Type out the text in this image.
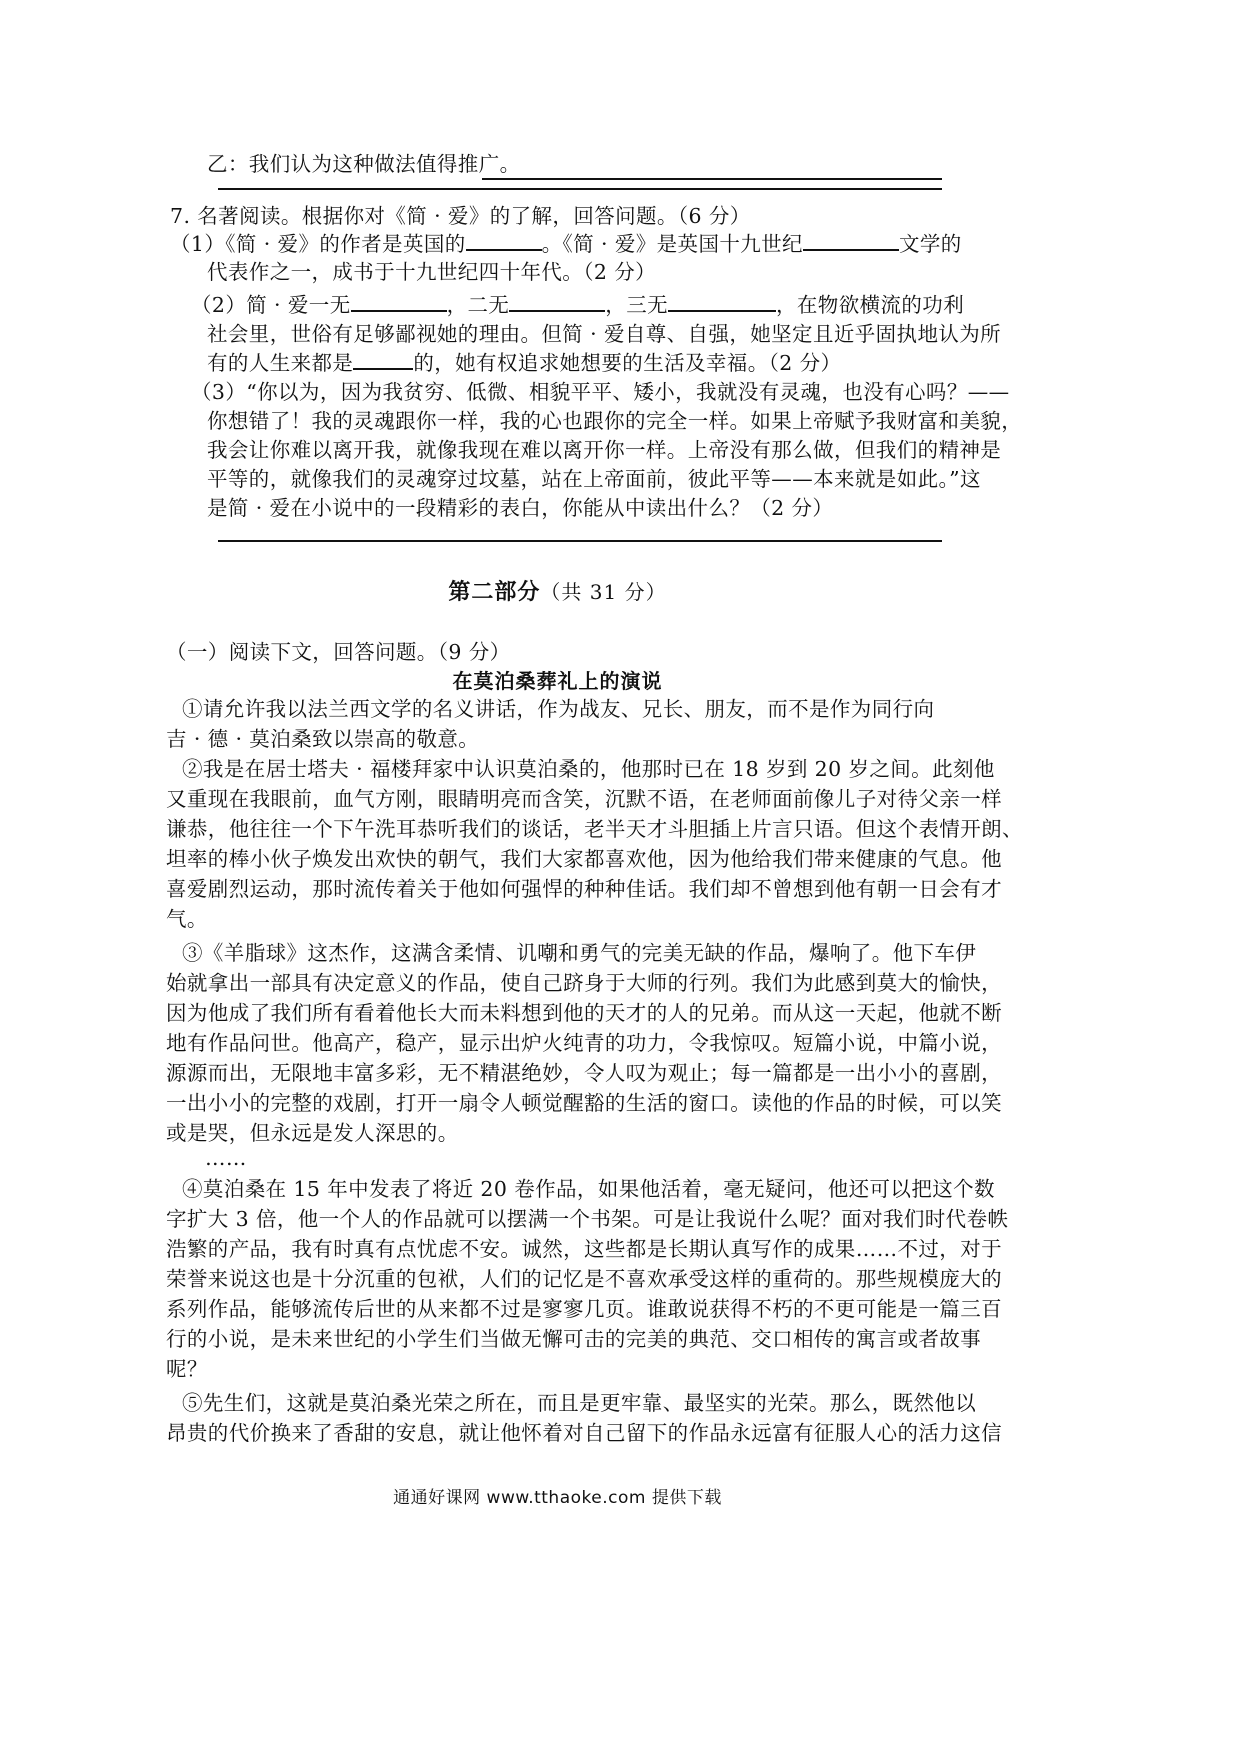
乙：我们认为这种做法值得推广。

7. 名著阅读。根据你对《简 · 爱》的了解，回答问题。（6 分）

（1）《简 · 爱》的作者是英国的	。《简 · 爱》是英国十九世纪	文学的

代表作之一，成书于十九世纪四十年代。（2 分）

（2）简 · 爱一无	，二无	，三无	，在物欲横流的功利

社会里，世俗有足够鄙视她的理由。但简 · 爱自尊、自强，她坚定且近乎固执地认为所

有的人生来都是	的，她有权追求她想要的生活及幸福。（2 分）

（3）“你以为，因为我贫穷、低微、相貌平平、矮小，我就没有灵魂，也没有心吗？——

你想错了！我的灵魂跟你一样，我的心也跟你的完全一样。如果上帝赋予我财富和美貌，

我会让你难以离开我，就像我现在难以离开你一样。上帝没有那么做，但我们的精神是

平等的，就像我们的灵魂穿过坟墓，站在上帝面前，彼此平等——本来就是如此。”这

是简 · 爱在小说中的一段精彩的表白，你能从中读出什么？（2 分）

第二部分（共 31 分）

（一）阅读下文，回答问题。（9 分）

在莫泊桑葬礼上的演说

①请允许我以法兰西文学的名义讲话，作为战友、兄长、朋友，而不是作为同行向

吉 · 德 · 莫泊桑致以崇高的敬意。

②我是在居士塔夫 · 福楼拜家中认识莫泊桑的，他那时已在 18 岁到 20 岁之间。此刻他

又重现在我眼前，血气方刚，眼睛明亮而含笑，沉默不语，在老师面前像儿子对待父亲一样

谦恭，他往往一个下午洗耳恭听我们的谈话，老半天才斗胆插上片言只语。但这个表情开朗、

坦率的棒小伙子焕发出欢快的朝气，我们大家都喜欢他，因为他给我们带来健康的气息。他

喜爱剧烈运动，那时流传着关于他如何强悍的种种佳话。我们却不曾想到他有朝一日会有才

气。

③《羊脂球》这杰作，这满含柔情、讥嘲和勇气的完美无缺的作品，爆响了。他下车伊

始就拿出一部具有决定意义的作品，使自己跻身于大师的行列。我们为此感到莫大的愉快，

因为他成了我们所有看着他长大而未料想到他的天才的人的兄弟。而从这一天起，他就不断

地有作品问世。他高产，稳产，显示出炉火纯青的功力，令我惊叹。短篇小说，中篇小说，

源源而出，无限地丰富多彩，无不精湛绝妙，令人叹为观止；每一篇都是一出小小的喜剧，

一出小小的完整的戏剧，打开一扇令人顿觉醒豁的生活的窗口。读他的作品的时候，可以笑

或是哭，但永远是发人深思的。

……

④莫泊桑在 15 年中发表了将近 20 卷作品，如果他活着，毫无疑问，他还可以把这个数

字扩大 3 倍，他一个人的作品就可以摆满一个书架。可是让我说什么呢？面对我们时代卷帙

浩繁的产品，我有时真有点忧虑不安。诚然，这些都是长期认真写作的成果……不过，对于

荣誉来说这也是十分沉重的包袱，人们的记忆是不喜欢承受这样的重荷的。那些规模庞大的

系列作品，能够流传后世的从来都不过是寥寥几页。谁敢说获得不朽的不更可能是一篇三百

行的小说，是未来世纪的小学生们当做无懈可击的完美的典范、交口相传的寓言或者故事

呢？

⑤先生们，这就是莫泊桑光荣之所在，而且是更牢靠、最坚实的光荣。那么，既然他以

昂贵的代价换来了香甜的安息，就让他怀着对自己留下的作品永远富有征服人心的活力这信

通通好课网 www.tthaoke.com 提供下载
